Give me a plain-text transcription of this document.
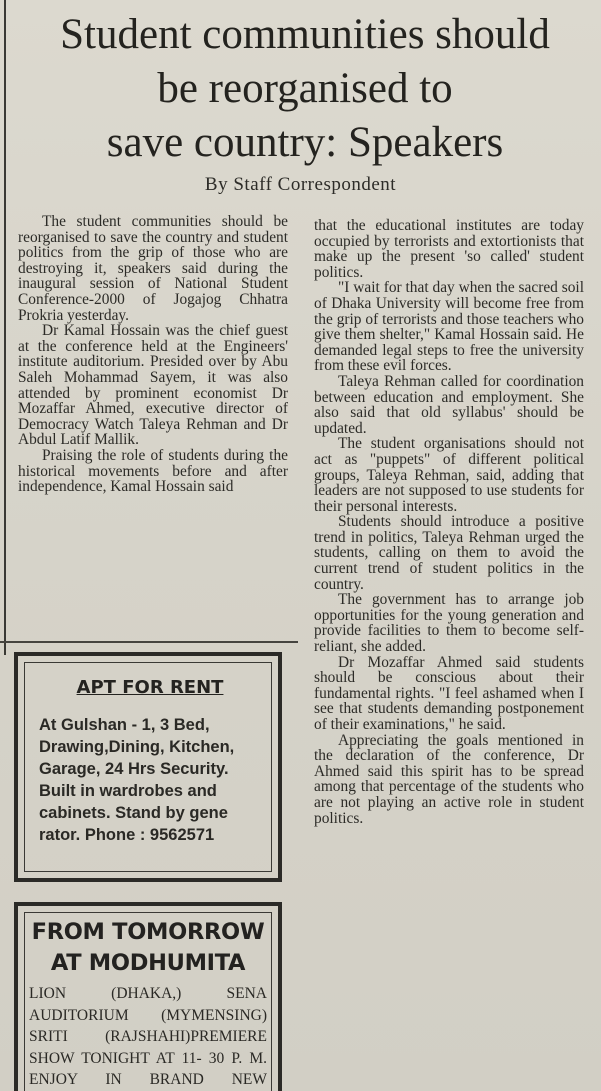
Student communities should
be reorganised to
save country: Speakers
By Staff Correspondent

The student communities should be reorganised to save the country and student politics from the grip of those who are destroying it, speakers said during the inaugural session of National Student Conference-2000 of Jogajog Chhatra Prokria yesterday.

Dr Kamal Hossain was the chief guest at the conference held at the Engineers' institute auditorium. Presided over by Abu Saleh Mohammad Sayem, it was also attended by prominent economist Dr Mozaffar Ahmed, executive director of Democracy Watch Taleya Rehman and Dr Abdul Latif Mallik.

Praising the role of students during the historical movements before and after independence, Kamal Hossain said

that the educational institutes are today occupied by terrorists and extortionists that make up the present 'so called' student politics.

"I wait for that day when the sacred soil of Dhaka University will become free from the grip of terrorists and those teachers who give them shelter," Kamal Hossain said. He demanded legal steps to free the university from these evil forces.

Taleya Rehman called for coordination between education and employment. She also said that old syllabus' should be updated.

The student organisations should not act as "puppets" of different political groups, Taleya Rehman, said, adding that leaders are not supposed to use students for their personal interests.

Students should introduce a positive trend in politics, Taleya Rehman urged the students, calling on them to avoid the current trend of student politics in the country.

The government has to arrange job opportunities for the young generation and provide facilities to them to become self-reliant, she added.

Dr Mozaffar Ahmed said students should be conscious about their fundamental rights. "I feel ashamed when I see that students demanding postponement of their examinations," he said.

Appreciating the goals mentioned in the declaration of the conference, Dr Ahmed said this spirit has to be spread among that percentage of the students who are not playing an active role in student politics.

APT FOR RENT

At Gulshan - 1, 3 Bed, Drawing,Dining, Kitchen, Garage, 24 Hrs Security. Built in wardrobes and cabinets. Stand by gene rator. Phone : 9562571

FROM TOMORROW
AT MODHUMITA

LION (DHAKA,) SENA AUDITORIUM (MYMENSING) SRITI (RAJSHAHI)PREMIERE SHOW TONIGHT AT 11- 30 P. M. ENJOY IN BRAND NEW
